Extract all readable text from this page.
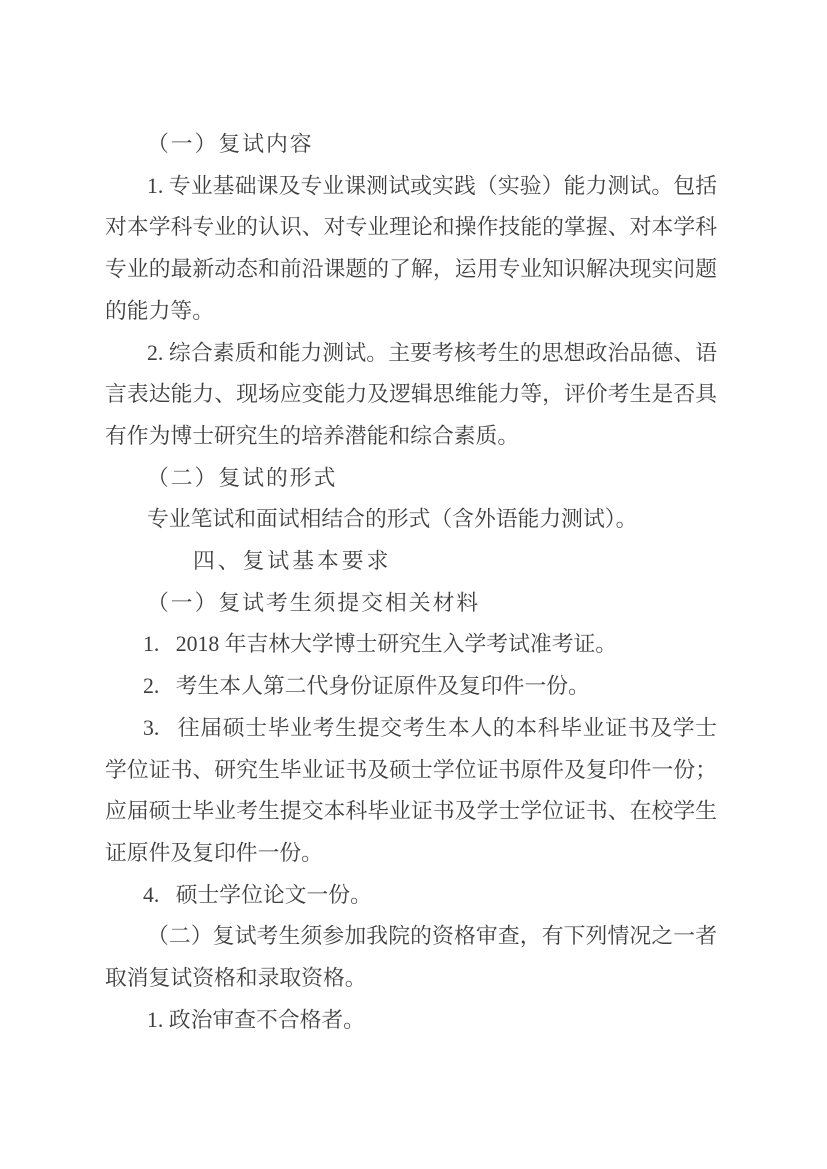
（一）复试内容

1. 专业基础课及专业课测试或实践（实验）能力测试。包括对本学科专业的认识、对专业理论和操作技能的掌握、对本学科专业的最新动态和前沿课题的了解，运用专业知识解决现实问题的能力等。

2. 综合素质和能力测试。主要考核考生的思想政治品德、语言表达能力、现场应变能力及逻辑思维能力等，评价考生是否具有作为博士研究生的培养潜能和综合素质。

（二）复试的形式

专业笔试和面试相结合的形式（含外语能力测试）。

四、复试基本要求

（一）复试考生须提交相关材料

1.   2018 年吉林大学博士研究生入学考试准考证。

2.   考生本人第二代身份证原件及复印件一份。

3.   往届硕士毕业考生提交考生本人的本科毕业证书及学士学位证书、研究生毕业证书及硕士学位证书原件及复印件一份；应届硕士毕业考生提交本科毕业证书及学士学位证书、在校学生证原件及复印件一份。

4.   硕士学位论文一份。

（二）复试考生须参加我院的资格审查，有下列情况之一者取消复试资格和录取资格。

1. 政治审查不合格者。
